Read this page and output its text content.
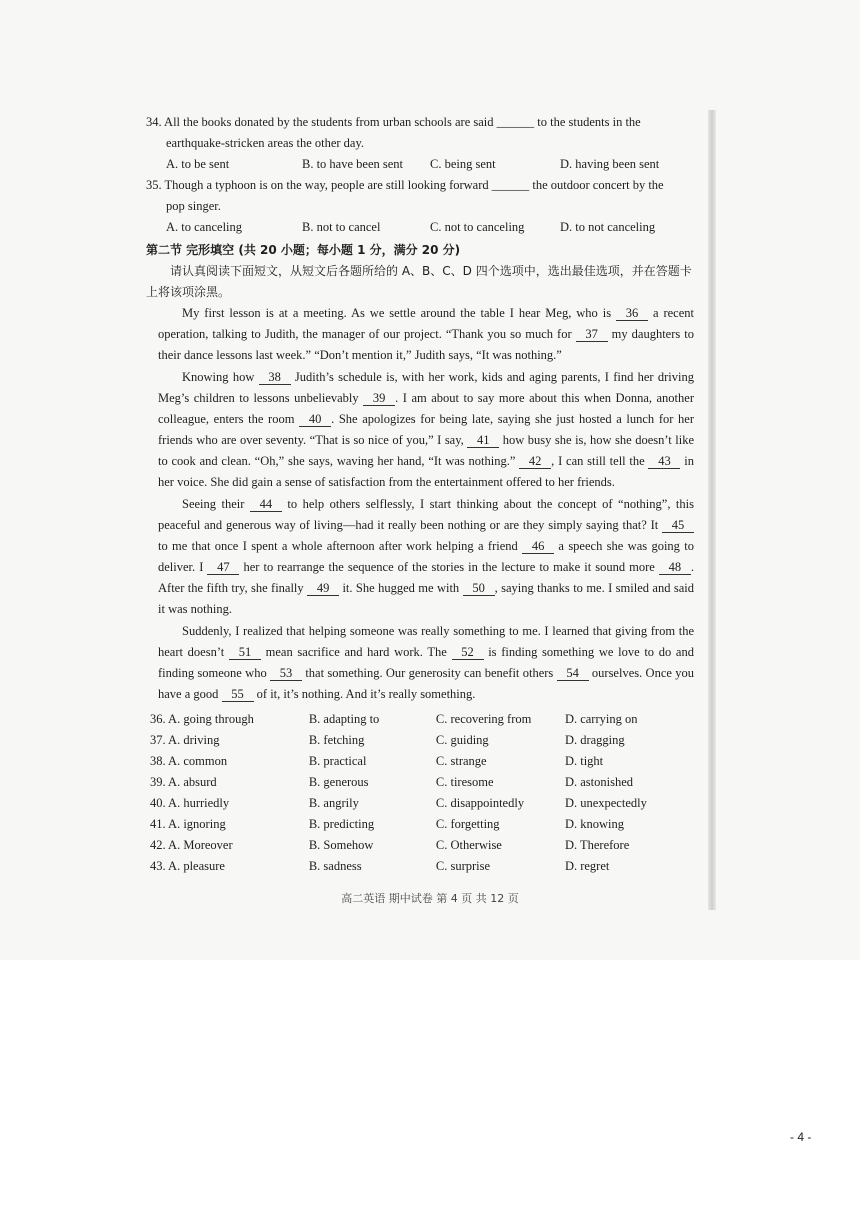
34. All the books donated by the students from urban schools are said ______ to the students in the
earthquake-stricken areas the other day.
A. to be sent	B. to have been sent	C. being sent	D. having been sent
35. Though a typhoon is on the way, people are still looking forward ______ the outdoor concert by the
pop singer.
A. to canceling	B. not to cancel	C. not to canceling	D. to not canceling
第二节 完形填空 (共 20 小题；每小题 1 分，满分 20 分)

请认真阅读下面短文，从短文后各题所给的 A、B、C、D 四个选项中，选出最佳选项，并在答题卡上将该项涂黑。

My first lesson is at a meeting. As we settle around the table I hear Meg, who is 36 a recent operation, talking to Judith, the manager of our project. “Thank you so much for 37 my daughters to their dance lessons last week.” “Don’t mention it,” Judith says, “It was nothing.”

Knowing how 38 Judith’s schedule is, with her work, kids and aging parents, I find her driving Meg’s children to lessons unbelievably 39 . I am about to say more about this when Donna, another colleague, enters the room 40 . She apologizes for being late, saying she just hosted a lunch for her friends who are over seventy. “That is so nice of you,” I say, 41 how busy she is, how she doesn’t like to cook and clean. “Oh,” she says, waving her hand, “It was nothing.” 42 , I can still tell the 43 in her voice. She did gain a sense of satisfaction from the entertainment offered to her friends.

Seeing their 44 to help others selflessly, I start thinking about the concept of “nothing”, this peaceful and generous way of living—had it really been nothing or are they simply saying that? It 45 to me that once I spent a whole afternoon after work helping a friend 46 a speech she was going to deliver. I 47 her to rearrange the sequence of the stories in the lecture to make it sound more 48 . After the fifth try, she finally 49 it. She hugged me with 50 , saying thanks to me. I smiled and said it was nothing.

Suddenly, I realized that helping someone was really something to me. I learned that giving from the heart doesn’t 51 mean sacrifice and hard work. The 52 is finding something we love to do and finding someone who 53 that something. Our generosity can benefit others 54 ourselves. Once you have a good 55 of it, it’s nothing. And it’s really something.

36. A. going through	B. adapting to	C. recovering from	D. carrying on
37. A. driving	B. fetching	C. guiding	D. dragging
38. A. common	B. practical	C. strange	D. tight
39. A. absurd	B. generous	C. tiresome	D. astonished
40. A. hurriedly	B. angrily	C. disappointedly	D. unexpectedly
41. A. ignoring	B. predicting	C. forgetting	D. knowing
42. A. Moreover	B. Somehow	C. Otherwise	D. Therefore
43. A. pleasure	B. sadness	C. surprise	D. regret
高二英语 期中试卷 第 4 页 共 12 页
- 4 -
